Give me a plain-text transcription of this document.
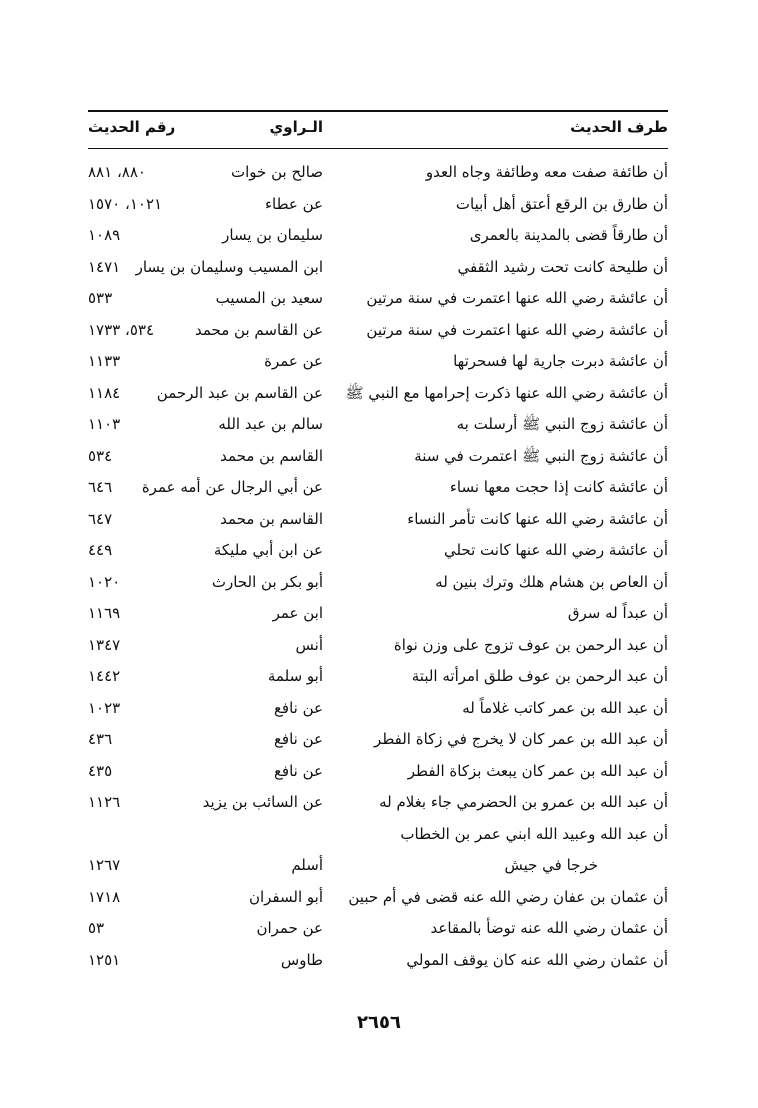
طرف الحديث
الـراوي
رقم الحديث
أن طائفة صفت معه وطائفة وجاه العدو
صالح بن خوات
٨٨٠، ٨٨١
أن طارق بن الرقع أعتق أهل أبيات
عن عطاء
١٠٢١، ١٥٧٠
أن طارقاً قضى بالمدينة بالعمرى
سليمان بن يسار
١٠٨٩
أن طليحة كانت تحت رشيد الثقفي
ابن المسيب وسليمان بن يسار
١٤٧١
أن عائشة رضي الله عنها اعتمرت في سنة مرتين
سعيد بن المسيب
٥٣٣
أن عائشة رضي الله عنها اعتمرت في سنة مرتين
عن القاسم بن محمد
٥٣٤، ١٧٣٣
أن عائشة دبرت جارية لها فسحرتها
عن عمرة
١١٣٣
أن عائشة رضي الله عنها ذكرت إحرامها مع النبي ﷺ
عن القاسم بن عبد الرحمن
١١٨٤
أن عائشة زوج النبي ﷺ أرسلت به
سالم بن عبد الله
١١٠٣
أن عائشة زوج النبي ﷺ اعتمرت في سنة
القاسم بن محمد
٥٣٤
أن عائشة كانت إذا حجت معها نساء
عن أبي الرجال عن أمه عمرة
٦٤٦
أن عائشة رضي الله عنها كانت تأمر النساء
القاسم بن محمد
٦٤٧
أن عائشة رضي الله عنها كانت تحلي
عن ابن أبي مليكة
٤٤٩
أن العاص بن هشام هلك وترك بنين له
أبو بكر بن الحارث
١٠٢٠
أن عبداً له سرق
ابن عمر
١١٦٩
أن عبد الرحمن بن عوف تزوج على وزن نواة
أنس
١٣٤٧
أن عبد الرحمن بن عوف طلق امرأته البتة
أبو سلمة
١٤٤٢
أن عبد الله بن عمر كاتب غلاماً له
عن نافع
١٠٢٣
أن عبد الله بن عمر كان لا يخرج في زكاة الفطر
عن نافع
٤٣٦
أن عبد الله بن عمر كان يبعث بزكاة الفطر
عن نافع
٤٣٥
أن عبد الله بن عمرو بن الحضرمي جاء بغلام له
عن السائب بن يزيد
١١٢٦
أن عبد الله وعبيد الله ابني عمر بن الخطاب
خرجا في جيش
أسلم
١٢٦٧
أن عثمان بن عفان رضي الله عنه قضى في أم حبين
أبو السفران
١٧١٨
أن عثمان رضي الله عنه توضأ بالمقاعد
عن حمران
٥٣
أن عثمان رضي الله عنه كان يوقف المولي
طاوس
١٢٥١
٢٦٥٦
